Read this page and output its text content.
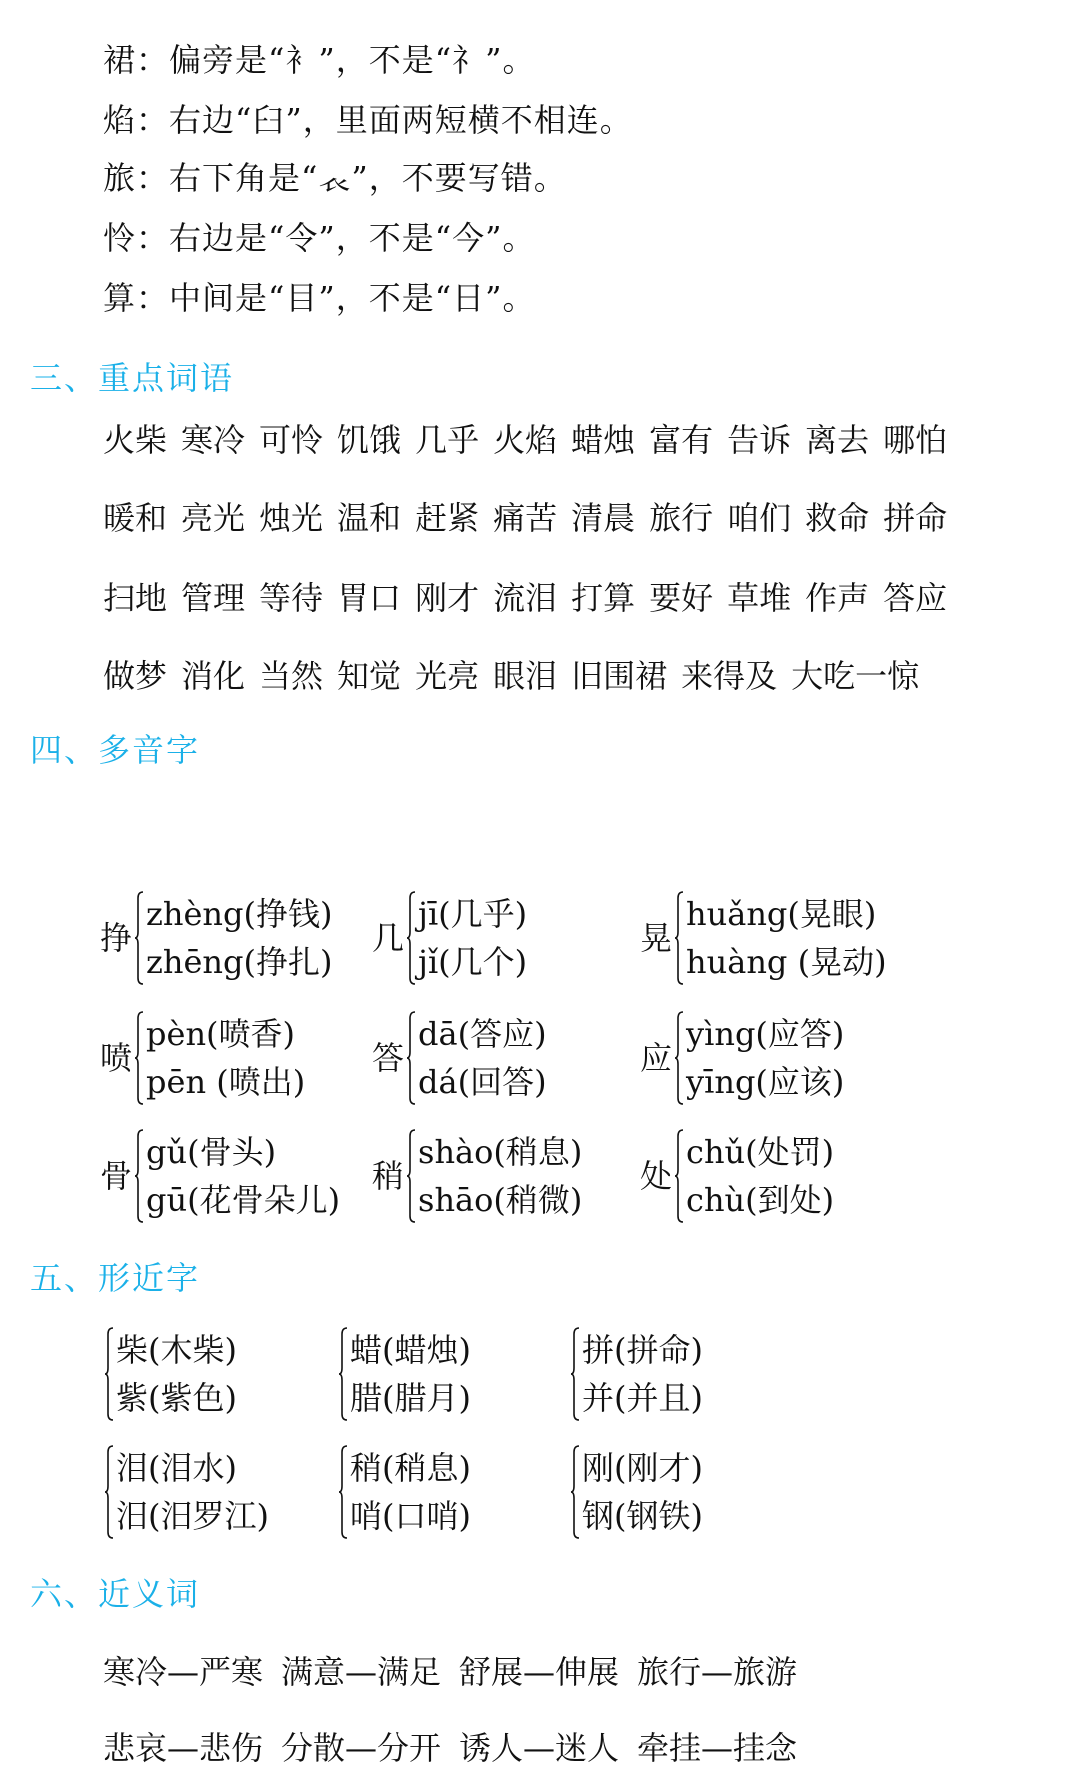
裙：偏旁是“衤”，不是“礻”。
焰：右边“臼”，里面两短横不相连。
旅：右下角是“𧘇”，不要写错。
怜：右边是“令”，不是“今”。
算：中间是“目”，不是“日”。
三、重点词语
火柴 寒冷 可怜 饥饿 几乎 火焰 蜡烛 富有 告诉 离去 哪怕
暖和 亮光 烛光 温和 赶紧 痛苦 清晨 旅行 咱们 救命 拼命
扫地 管理 等待 胃口 刚才 流泪 打算 要好 草堆 作声 答应
做梦 消化 当然 知觉 光亮 眼泪 旧围裙 来得及 大吃一惊
四、多音字
挣
zhèng(挣钱)
zhēng(挣扎)
几
jī(几乎)
jǐ(几个)
晃
huǎng(晃眼)
huàng (晃动)
喷
pèn(喷香)
pēn (喷出)
答
dā(答应)
dá(回答)
应
yìng(应答)
yīng(应该)
骨
gǔ(骨头)
gū(花骨朵儿)
稍
shào(稍息)
shāo(稍微)
处
chǔ(处罚)
chù(到处)
五、形近字
柴(木柴)
紫(紫色)
蜡(蜡烛)
腊(腊月)
拼(拼命)
并(并且)
泪(泪水)
汨(汨罗江)
稍(稍息)
哨(口哨)
刚(刚才)
钢(钢铁)
六、近义词
寒冷—严寒 满意—满足 舒展—伸展 旅行—旅游
悲哀—悲伤 分散—分开 诱人—迷人 牵挂—挂念
